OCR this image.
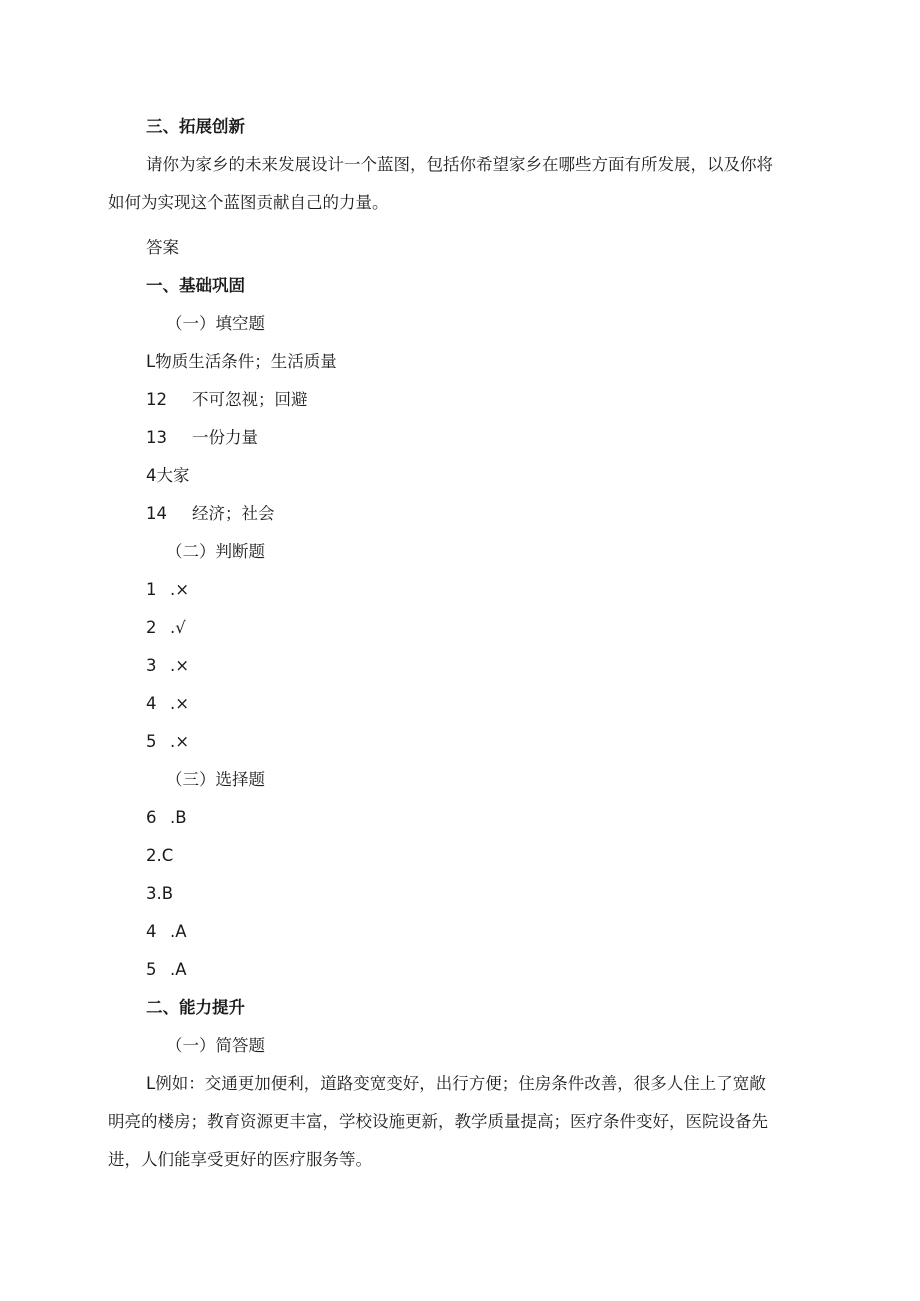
三、拓展创新
请你为家乡的未来发展设计一个蓝图，包括你希望家乡在哪些方面有所发展，以及你将
如何为实现这个蓝图贡献自己的力量。
答案
一、基础巩固
（一）填空题
L物质生活条件；生活质量
12 不可忽视；回避
13 一份力量
4大家
14 经济；社会
（二）判断题
1 .×
2 .√
3 .×
4 .×
5 .×
（三）选择题
6 .B
2.C
3.B
4 .A
5 .A
二、能力提升
（一）简答题
L例如：交通更加便利，道路变宽变好，出行方便；住房条件改善，很多人住上了宽敞
明亮的楼房；教育资源更丰富，学校设施更新，教学质量提高；医疗条件变好，医院设备先
进，人们能享受更好的医疗服务等。
